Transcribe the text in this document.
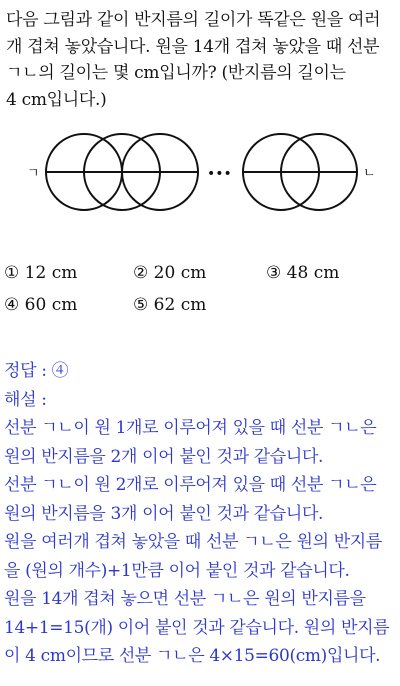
다음 그림과 같이 반지름의 길이가 똑같은 원을 여러
개 겹쳐 놓았습니다. 원을 14개 겹쳐 놓았을 때 선분
ㄱㄴ의 길이는 몇 cm입니까? (반지름의 길이는
4 cm입니다.)
ㄱ	•••	ㄴ
① 12 cm	② 20 cm	③ 48 cm
④ 60 cm	⑤ 62 cm
정답 : ④
해설 :
선분 ㄱㄴ이 원 1개로 이루어져 있을 때 선분 ㄱㄴ은
원의 반지름을 2개 이어 붙인 것과 같습니다.
선분 ㄱㄴ이 원 2개로 이루어져 있을 때 선분 ㄱㄴ은
원의 반지름을 3개 이어 붙인 것과 같습니다.
원을 여러개 겹쳐 놓았을 때 선분 ㄱㄴ은 원의 반지름
을 (원의 개수)+1만큼 이어 붙인 것과 같습니다.
원을 14개 겹쳐 놓으면 선분 ㄱㄴ은 원의 반지름을
14+1=15(개) 이어 붙인 것과 같습니다. 원의 반지름
이 4 cm이므로 선분 ㄱㄴ은 4×15=60(cm)입니다.
